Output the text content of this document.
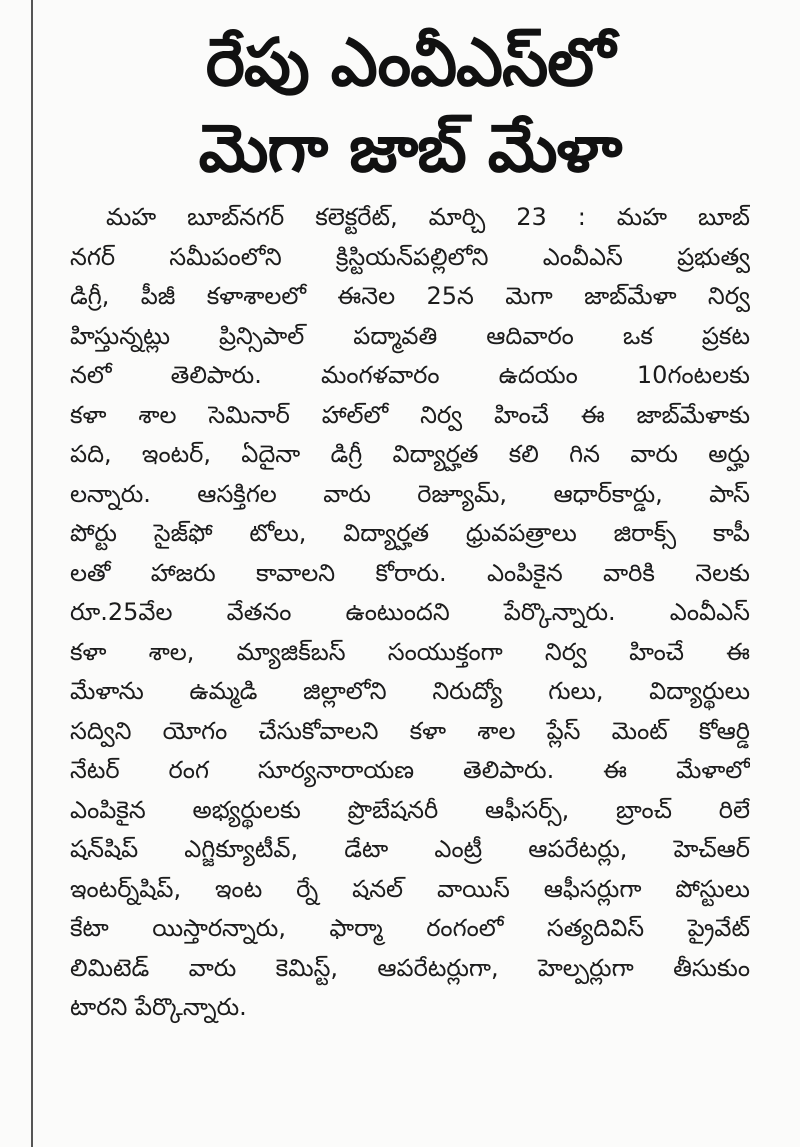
రేపు ఎంవీఎస్‌లో
మెగా జాబ్ మేళా
మహ బూబ్‌నగర్ కలెక్టరేట్, మార్చి 23 : మహ బూబ్
నగర్ సమీపంలోని క్రిస్టియన్‌పల్లిలోని ఎంవీఎస్ ప్రభుత్వ
డిగ్రీ, పీజీ కళాశాలలో ఈనెల 25న మెగా జాబ్‌మేళా నిర్వ
హిస్తున్నట్లు ప్రిన్సిపాల్ పద్మావతి ఆదివారం ఒక ప్రకట
నలో తెలిపారు. మంగళవారం ఉదయం 10గంటలకు
కళా శాల సెమినార్ హాల్‌లో నిర్వ హించే ఈ జాబ్‌మేళాకు
పది, ఇంటర్, ఏదైనా డిగ్రీ విద్యార్హత కలి గిన వారు అర్హు
లన్నారు. ఆసక్తిగల వారు రెజ్యూమ్, ఆధార్‌కార్డు, పాస్
పోర్టు సైజ్‌ఫో టోలు, విద్యార్హత ధ్రువపత్రాలు జిరాక్స్ కాపీ
లతో హాజరు కావాలని కోరారు. ఎంపికైన వారికి నెలకు
రూ.25వేల వేతనం ఉంటుందని పేర్కొన్నారు. ఎంవీఎస్
కళా శాల, మ్యాజిక్‌బస్ సంయుక్తంగా నిర్వ హించే ఈ
మేళాను ఉమ్మడి జిల్లాలోని నిరుద్యో గులు, విద్యార్థులు
సద్విని యోగం చేసుకోవాలని కళా శాల ప్లేస్ మెంట్ కోఆర్డి
నేటర్ రంగ సూర్యనారాయణ తెలిపారు. ఈ మేళాలో
ఎంపికైన అభ్యర్థులకు ప్రొబేషనరీ ఆఫీసర్స్, బ్రాంచ్ రిలే
షన్‌షిప్ ఎగ్జిక్యూటీవ్, డేటా ఎంట్రీ ఆపరేటర్లు, హెచ్‌ఆర్
ఇంటర్న్‌షిప్, ఇంట ర్నే షనల్ వాయిస్ ఆఫీసర్లుగా పోస్టులు
కేటా యిస్తారన్నారు, ఫార్మా రంగంలో సత్యదివిస్ ప్రైవేట్
లిమిటెడ్ వారు కెమిస్ట్, ఆపరేటర్లుగా, హెల్పర్లుగా తీసుకుం
టారని పేర్కొన్నారు.
